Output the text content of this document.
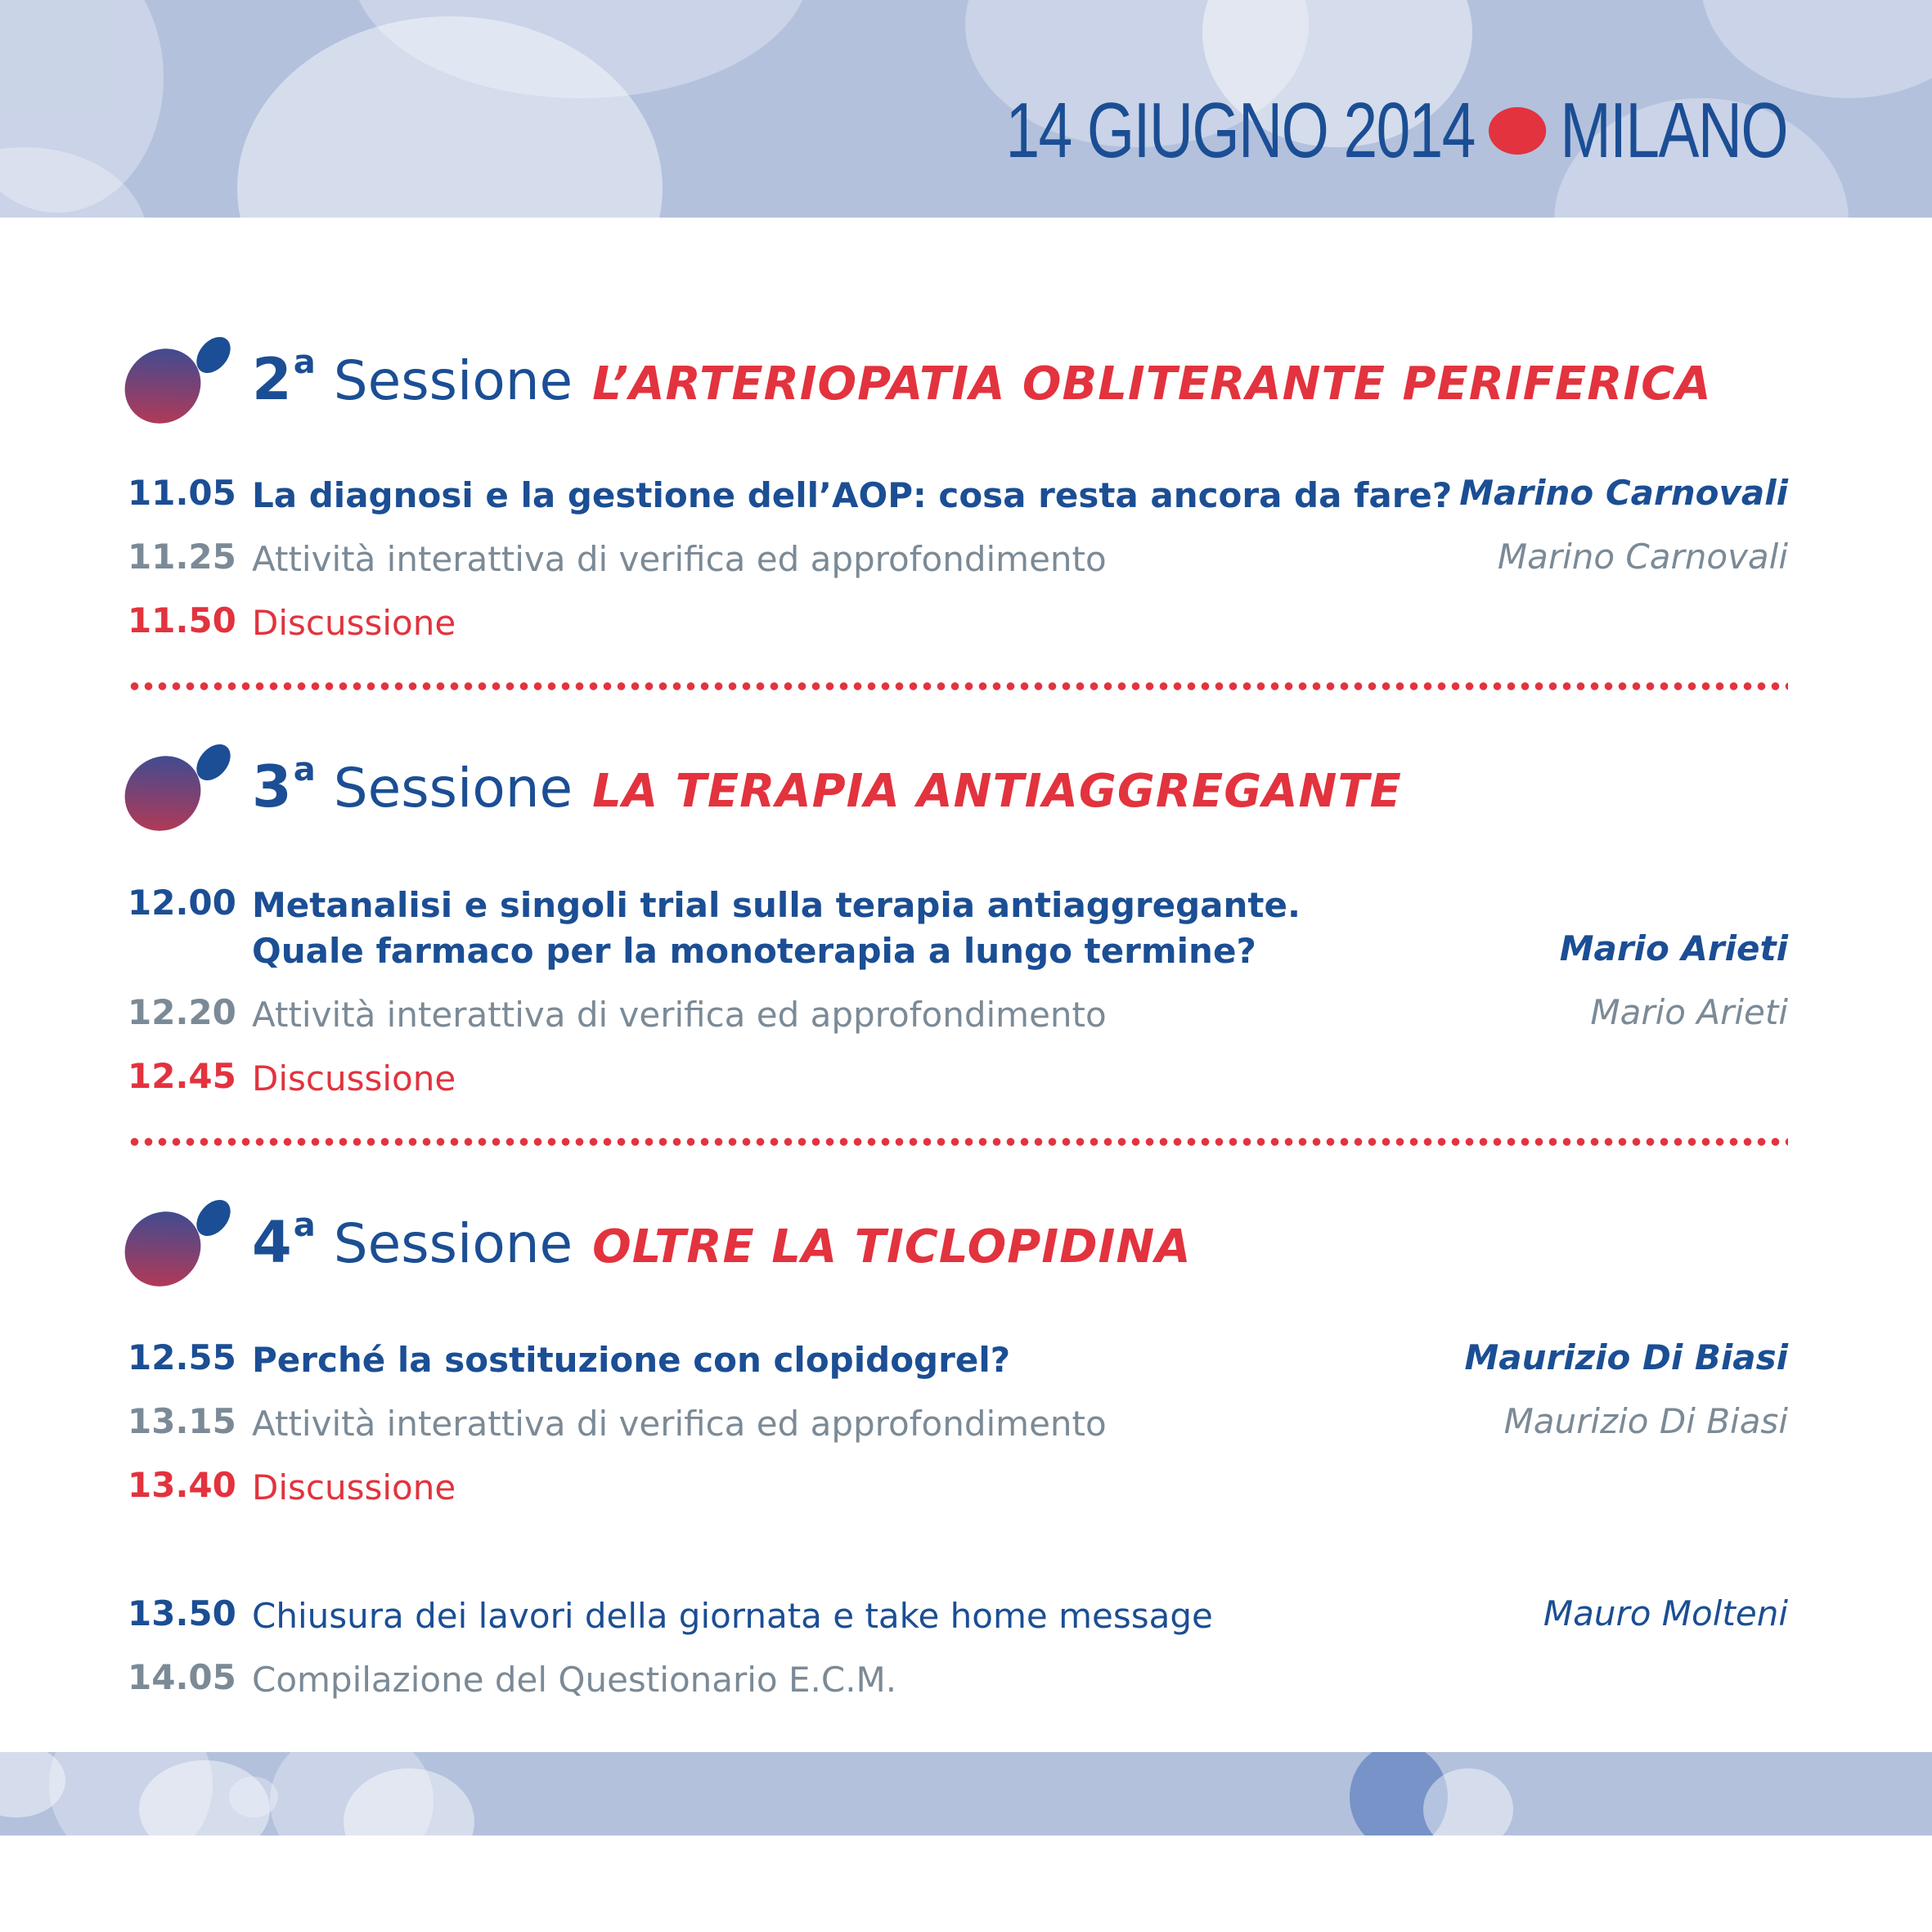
14 GIUGNO 2014 MILANO
2 a Sessione L’ARTERIOPATIA OBLITERANTE PERIFERICA
11.05 La diagnosi e la gestione dell’AOP: cosa resta ancora da fare? Marino Carnovali
11.25 Attività interattiva di verifica ed approfondimento	Marino Carnovali
11.50 Discussione
3 a Sessione LA TERAPIA ANTIAGGREGANTE
12.00 Metanalisi e singoli trial sulla terapia antiaggregante.
Quale farmaco per la monoterapia a lungo termine?	Mario Arieti
12.20 Attività interattiva di verifica ed approfondimento	Mario Arieti
12.45 Discussione
4 a Sessione OLTRE LA TICLOPIDINA
12.55 Perché la sostituzione con clopidogrel?	Maurizio Di Biasi
13.15 Attività interattiva di verifica ed approfondimento	Maurizio Di Biasi
13.40 Discussione
13.50 Chiusura dei lavori della giornata e take home message	Mauro Molteni
14.05 Compilazione del Questionario E.C.M.
